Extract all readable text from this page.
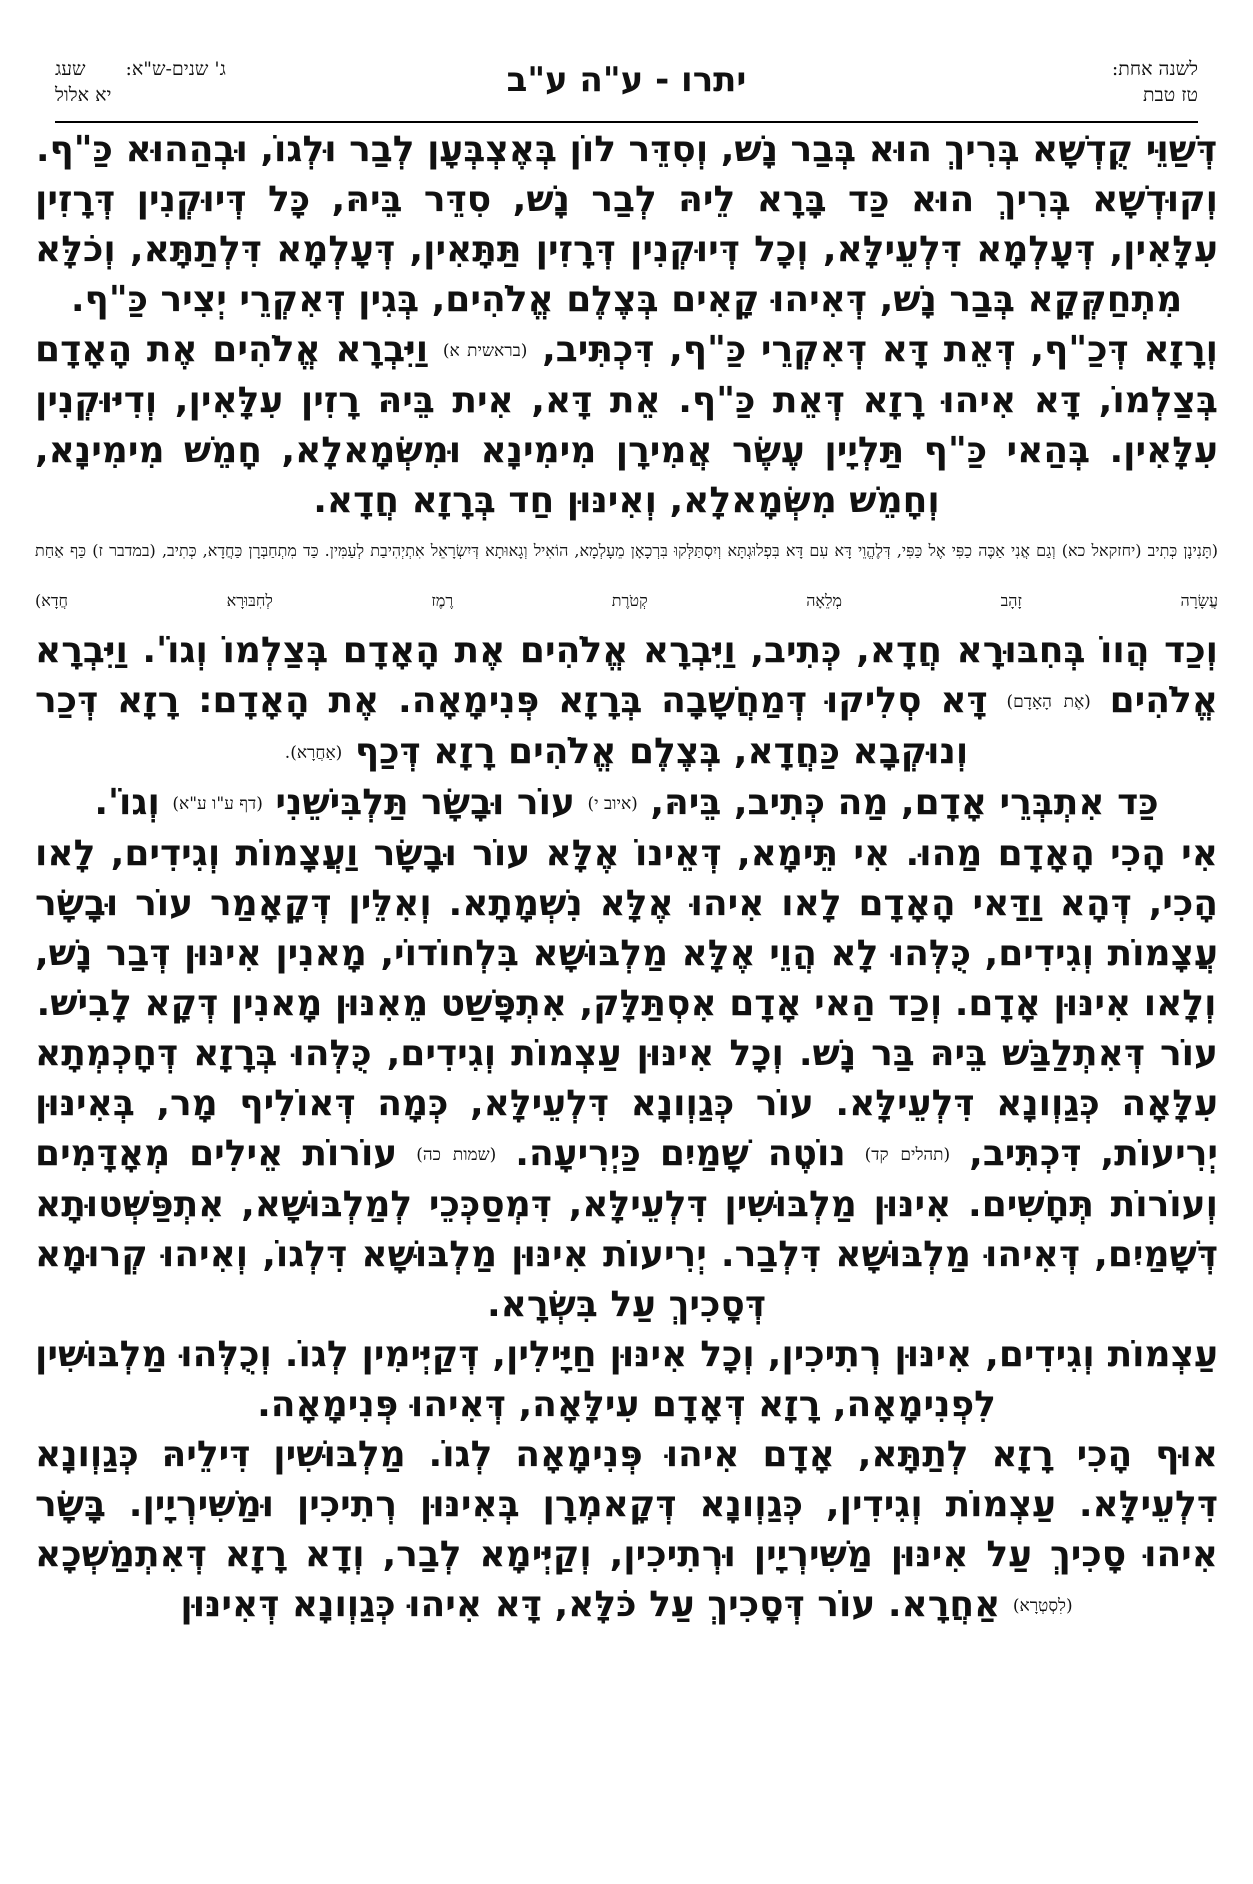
לשנה אחת:
טז טבת
יתרו - ע"ה ע"ב
ג' שנים-ש"א:
שעג
יא אלול

דְּשַׁוֵּי קֻדְשָׁא בְּרִיךְ הוּא בְּבַר נָשׁ, וְסִדֵּר לוֹן בְּאֶצְבְּעָן לְבַר וּלְגוֹ, וּבְהַהוּא כַּ"ף.

וְקוּדְשָׁא בְּרִיךְ הוּא כַּד בָּרָא לֵיהּ לְבַר נָשׁ, סִדֵּר בֵּיהּ, כָּל דְּיוּקְנִין דְּרָזִין עִלָּאִין, דְּעָלְמָא דִּלְעֵילָּא, וְכָל דְּיוּקְנִין דְּרָזִין תַּתָּאִין, דְּעָלְמָא דִּלְתַתָּא, וְכֹלָּא מִתְחַקְּקָא בְּבַר נָשׁ, דְּאִיהוּ קָאִים בְּצֶלֶם אֱלֹהִים, בְּגִין דְּאִקְרֵי יְצִיר כַּ"ף.

וְרָזָא דְּכַ"ף, דְּאֵת דָּא דְּאִקְרֵי כַּ"ף, דִּכְתִּיב, (בראשית א) וַיִּבְרָא אֱלֹהִים אֶת הָאָדָם בְּצַלְמוֹ, דָּא אִיהוּ רָזָא דְּאֵת כַּ"ף. אֵת דָּא, אִית בֵּיהּ רָזִין עִלָּאִין, וְדִיּוּקְנִין עִלָּאִין. בְּהַאי כַּ"ף תַּלְיָין עֶשֶׂר אֲמִירָן מִימִינָא וּמִשְּׂמָאלָא, חָמֵשׁ מִימִינָא, וְחָמֵשׁ מִשְּׂמָאלָא, וְאִינּוּן חַד בְּרָזָא חֲדָא.

(תָּנִינָן כְּתִיב (יחזקאל כא) וְגַם אֲנִי אַכֶּה כַפִּי אֶל כַּפִּי, דְּלֶהֱוֵי דָּא עִם דָּא בִּפְלוּגְתָּא וְיִסְתַּלְּקוּ בִּרְכָאָן מֵעָלְמָא, הוֹאִיל וְגָאוּתָא דְּיִשְׂרָאֵל אִתְיְהִיבַת לְעַמִּין. כַּד מִתְחַבְּרָן כַּחֲדָא, כְּתִיב, (במדבר ז) כַּף אַחַת עֲשָׂרָה זָהָב מְלֵאָה קְטֹרֶת רֶמֶז לְחִבּוּרָא חֲדָא)

וְכַד הֲווֹ בְּחִבּוּרָא חֲדָא, כְּתִיב, וַיִּבְרָא אֱלֹהִים אֶת הָאָדָם בְּצַלְמוֹ וְגוֹ'. וַיִּבְרָא אֱלֹהִים (אֶת הָאָדָם) דָּא סְלִיקוּ דְּמַחֲשָׁבָה בְּרָזָא פְּנִימָאָה. אֶת הָאָדָם: רָזָא דְּכַר וְנוּקְבָא כַּחֲדָא, בְּצֶלֶם אֱלֹהִים רָזָא דְּכַף (אַחֲרָא).

כַּד אִתְבְּרֵי אָדָם, מַה כְּתִיב, בֵּיהּ, (איוב י) עוֹר וּבָשָׂר תַּלְבִּישֵׁנִי (דף ע"ו ע"א) וְגוֹ'.

אִי הָכִי הָאָדָם מַהוּ. אִי תֵּימָא, דְּאֵינוֹ אֶלָּא עוֹר וּבָשָׂר וַעֲצָמוֹת וְגִידִים, לָאו הָכִי, דְּהָא וַדַּאי הָאָדָם לָאו אִיהוּ אֶלָּא נִשְׁמָתָא. וְאִלֵּין דְּקָאָמַר עוֹר וּבָשָׂר עֲצָמוֹת וְגִידִים, כֻּלְּהוּ לָא הֲוֵי אֶלָּא מַלְבּוּשָׁא בִּלְחוֹדוֹי, מָאנִין אִינּוּן דְּבַר נָשׁ, וְלָאו אִינּוּן אָדָם. וְכַד הַאי אָדָם אִסְתַּלָּק, אִתְפָּשַׁט מֵאִנּוּן מָאנִין דְּקָא לָבִישׁ.

עוֹר דְּאִתְלַבַּשׁ בֵּיהּ בַּר נָשׁ. וְכָל אִינּוּן עַצְמוֹת וְגִידִים, כֻּלְּהוּ בְּרָזָא דְּחָכְמְתָא עִלָּאָה כְּגַוְונָא דִּלְעֵילָּא. עוֹר כְּגַוְונָא דִּלְעֵילָּא, כְּמָה דְּאוֹלִיף מָר, בְּאִינּוּן יְרִיעוֹת, דִּכְתִּיב, (תהלים קד) נוֹטֶה שָׁמַיִם כַּיְרִיעָה. (שמות כה) עוֹרוֹת אֵילִים מְאָדָּמִים וְעוֹרוֹת תְּחָשִׁים. אִינּוּן מַלְבּוּשִׁין דִּלְעֵילָּא, דִּמְסַכְּכֵי לְמַלְבּוּשָׁא, אִתְפַּשְּׁטוּתָא דְּשָׁמַיִם, דְּאִיהוּ מַלְבּוּשָׁא דִּלְבַר. יְרִיעוֹת אִינּוּן מַלְבּוּשָׁא דִּלְגוֹ, וְאִיהוּ קְרוּמָא דְּסָכִיךְ עַל בִּשְׂרָא.

עַצְמוֹת וְגִידִים, אִינּוּן רְתִיכִין, וְכָל אִינּוּן חַיָּילִין, דְּקַיְּימִין לְגוֹ. וְכֻלְּהוּ מַלְבּוּשִׁין לִפְנִימָאָה, רָזָא דְּאָדָם עִילָּאָה, דְּאִיהוּ פְּנִימָאָה.

אוּף הָכִי רָזָא לְתַתָּא, אָדָם אִיהוּ פְּנִימָאָה לְגוֹ. מַלְבּוּשִׁין דִּילֵיהּ כְּגַוְונָא דִּלְעֵילָּא. עַצְמוֹת וְגִידִין, כְּגַוְונָא דְּקָאמְרָן בְּאִינּוּן רְתִיכִין וּמַשִּׁירְיָין. בָּשָׂר אִיהוּ סָכִיךְ עַל אִינּוּן מַשִּׁירְיָין וּרְתִיכִין, וְקַיְּימָא לְבַר, וְדָא רָזָא דְּאִתְמַשְׁכָא (לִסְטְרָא) אַחֲרָא. עוֹר דְּסָכִיךְ עַל כֹּלָּא, דָּא אִיהוּ כְּגַוְונָא דְּאִינּוּן
